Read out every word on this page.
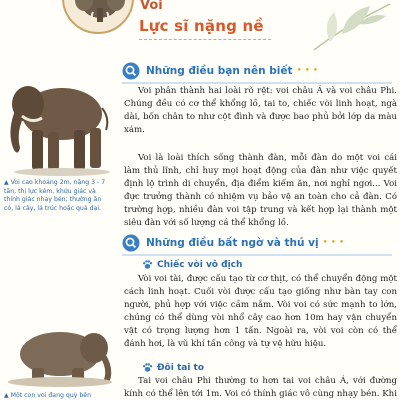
Voi
Lực sĩ nặng nề
Những điều bạn nên biết • • •

Voi phân thành hai loài rõ rệt: voi châu Á và voi châu Phi. Chúng đều có cơ thể khổng lồ, tai to, chiếc vòi linh hoạt, ngà dài, bốn chân to như cột đình và được bao phủ bởi lớp da màu xám.

Voi là loài thích sống thành đàn, mỗi đàn do một voi cái làm thủ lĩnh, chỉ huy mọi hoạt động của đàn như việc quyết định lộ trình di chuyển, địa điểm kiếm ăn, nơi nghỉ ngơi... Voi đực trưởng thành có nhiệm vụ bảo vệ an toàn cho cả đàn. Có trường hợp, nhiều đàn voi tập trung và kết hợp lại thành một siêu đàn với số lượng cá thể khổng lồ.

▲ Voi cao khoảng 2m, nặng 3 - 7 tấn, thị lực kém, khứu giác và thính giác nhạy bén; thường ăn cỏ, lá cây, lá trúc hoặc quả dại.
Những điều bất ngờ và thú vị • • •
Chiếc vòi vô địch

Vòi voi tài, được cấu tạo từ cơ thịt, có thể chuyển động một cách linh hoạt. Cuối vòi được cấu tạo giống như bàn tay con người, phủ hợp với việc cầm nắm. Vòi voi có sức mạnh to lớn, chúng có thể dùng vòi nhổ cây cao hơn 10m hay vận chuyển vật có trọng lượng hơn 1 tấn. Ngoài ra, vòi voi còn có thể đánh hơi, là vũ khí tấn công và tự vệ hữu hiệu.

Đôi tai to

Tai voi châu Phi thường to hơn tai voi châu Á, với đường kính có thể lên tới 1m. Voi có thính giác vô cùng nhạy bén. Khi

▲ Một con voi đang quỳ bên
